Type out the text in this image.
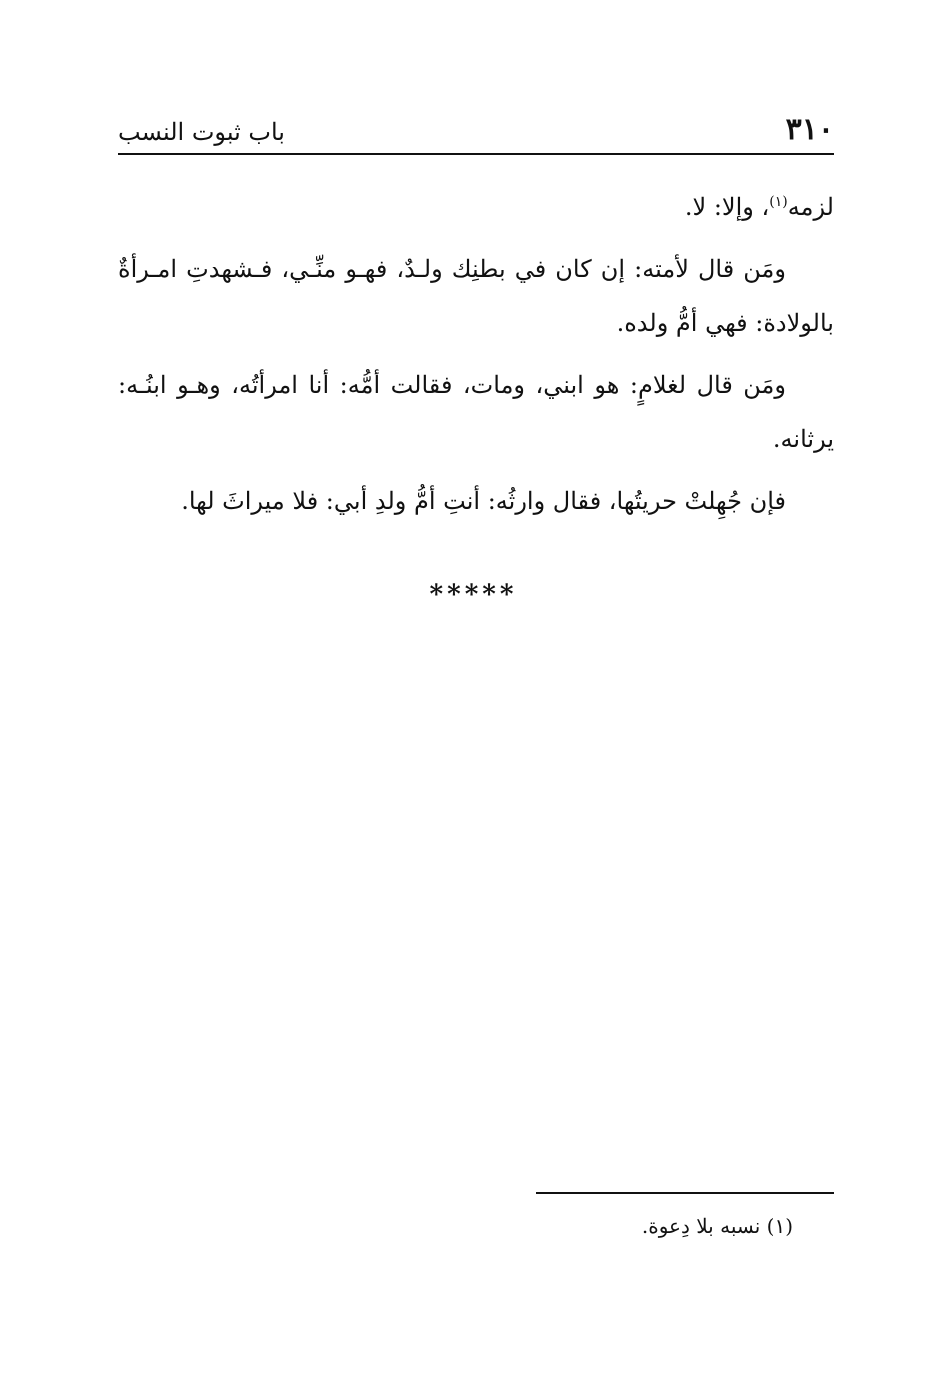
٣١٠
باب ثبوت النسب

لزمه$^{(١)}$، وإلا: لا.

ومَن قال لأمته: إن كان في بطنِك ولـدٌ، فهـو منِّـي، فـشهدتِ امـرأةٌ بالولادة: فهي أمُّ ولده.

ومَن قال لغلامٍ: هو ابني، ومات، فقالت أمُّه: أنا امرأتُه، وهـو ابنُـه: يرثانه.

فإن جُهِلتْ حريتُها، فقال وارثُه: أنتِ أمُّ ولدِ أبي: فلا ميراثَ لها.

*****
(١) نسبه بلا دِعوة.
